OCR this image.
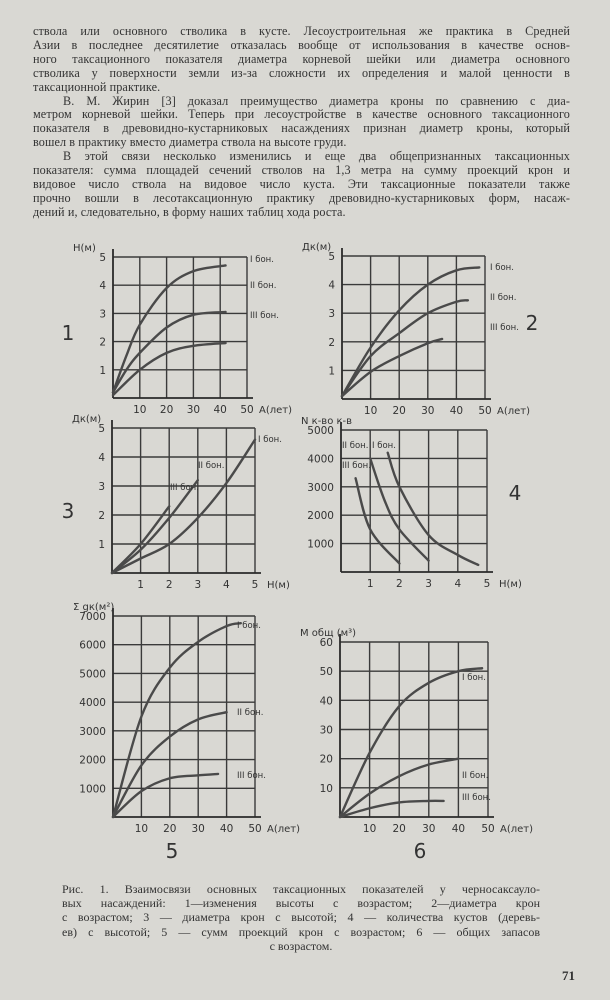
ствола или основного стволика в кусте. Лесоустроительная же практика в Средней
Азии в последнее десятилетие отказалась вообще от использования в качестве основ-
ного таксационного показателя диаметра корневой шейки или диаметра основного
стволика у поверхности земли из-за сложности их определения и малой ценности в
таксационной практике.
В. М. Жирин [3] доказал преимущество диаметра кроны по сравнению с диа-
метром корневой шейки. Теперь при лесоустройстве в качестве основного таксационного
показателя в древовидно-кустарниковых насаждениях признан диаметр кроны, который
вошел в практику вместо диаметра ствола на высоте груди.
В этой связи несколько изменились и еще два общепризнанных таксационных
показателя: сумма площадей сечений стволов на 1,3 метра на сумму проекций крон и
видовое число ствола на видовое число куста. Эти таксационные показатели также
прочно вошли в лесотаксационную практику древовидно-кустарниковых форм, насаж-
дений и, следовательно, в форму наших таблиц хода роста.
10 20 30 40 50
1
2
3
4
5
A(лет)
H(м)
1
I бон.
II бон.
III бон.
10 20 30 40 50
1
2
3
4
5
A(лет)
Дк(м)
2
I бон.
II бон.
III бон.
1 2 3 4 5
1
2
3
4
5
H(м)
Дк(м)
3
I бон.
II бон.
III бон.
1 2 3 4 5
1000
2000
3000
4000
5000
H(м)
N к-во к-в
4
I бон.
II бон.
III бон.
10 20 30 40 50
1000
2000
3000
4000
5000
6000
7000
A(лет)
Σ gк(м²)
5
I бон.
II бон.
III бон.
10 20 30 40 50
10
20
30
40
50
60
A(лет)
M общ (м³)
6
I бон.
II бон.
III бон.
Рис. 1. Взаимосвязи основных таксационных показателей у черносаксауло-
вых насаждений: 1—изменения высоты с возрастом; 2—диаметра крон
с возрастом; 3 — диаметра крон с высотой; 4 — количества кустов (деревь-
ев) с высотой; 5 — сумм проекций крон с возрастом; 6 — общих запасов
с возрастом.
71
